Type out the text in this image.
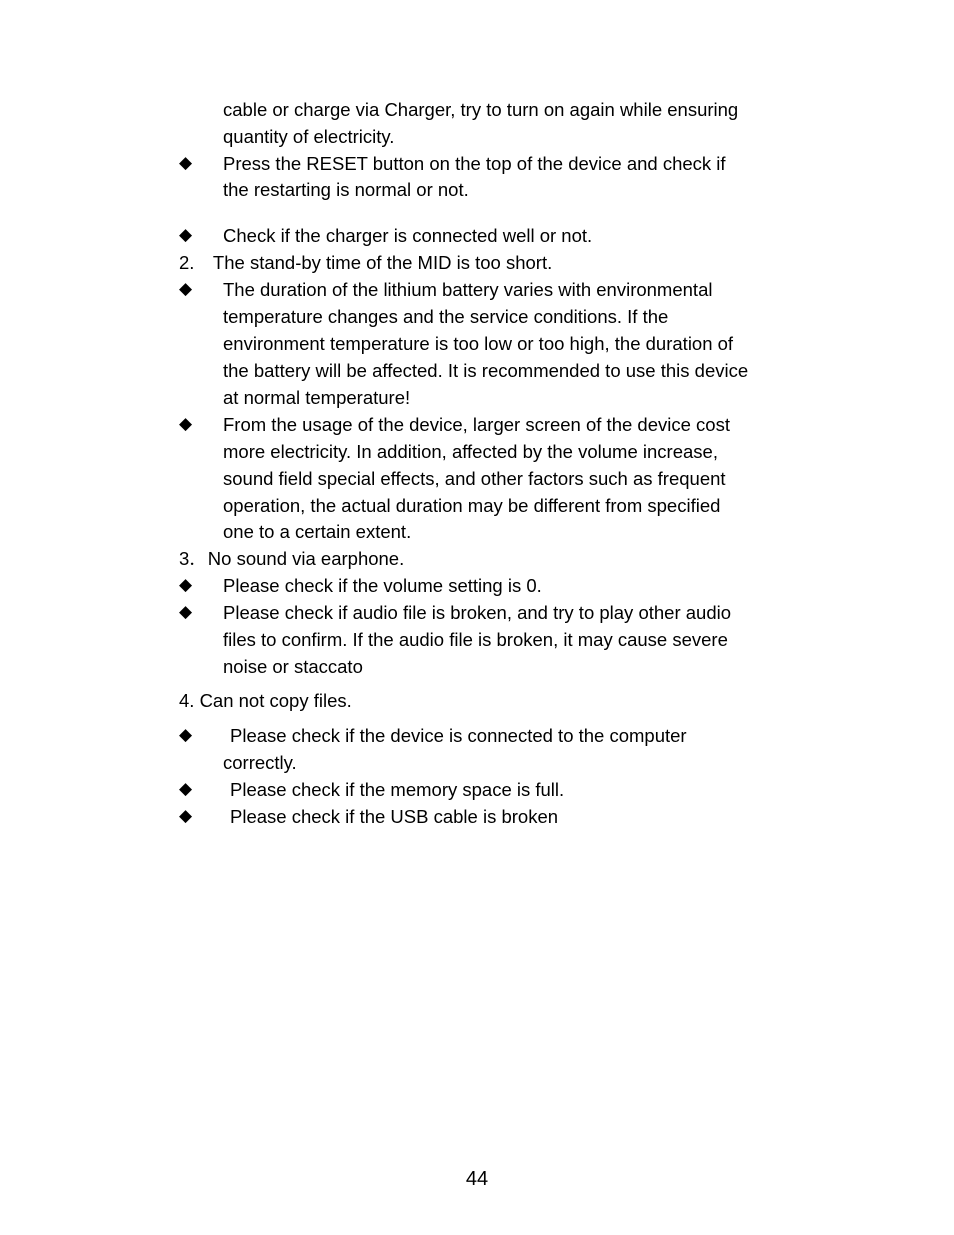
cable or charge via Charger, try to turn on again while ensuring
quantity of electricity.
◆ Press the RESET button on the top of the device and check if
the restarting is normal or not.
◆ Check if the charger is connected well or not.
2.　The stand-by time of the MID is too short.
◆ The duration of the lithium battery varies with environmental
temperature changes and the service conditions. If the
environment temperature is too low or too high, the duration of
the battery will be affected. It is recommended to use this device
at normal temperature!
◆ From the usage of the device, larger screen of the device cost
more electricity. In addition, affected by the volume increase,
sound field special effects, and other factors such as frequent
operation, the actual duration may be different from specified
one to a certain extent.
3．No sound via earphone.
◆ Please check if the volume setting is 0.
◆ Please check if audio file is broken, and try to play other audio
files to confirm. If the audio file is broken, it may cause severe
noise or staccato
4. Can not copy files.
◆ Please check if the device is connected to the computer
correctly.
◆ Please check if the memory space is full.
◆ Please check if the USB cable is broken
44
